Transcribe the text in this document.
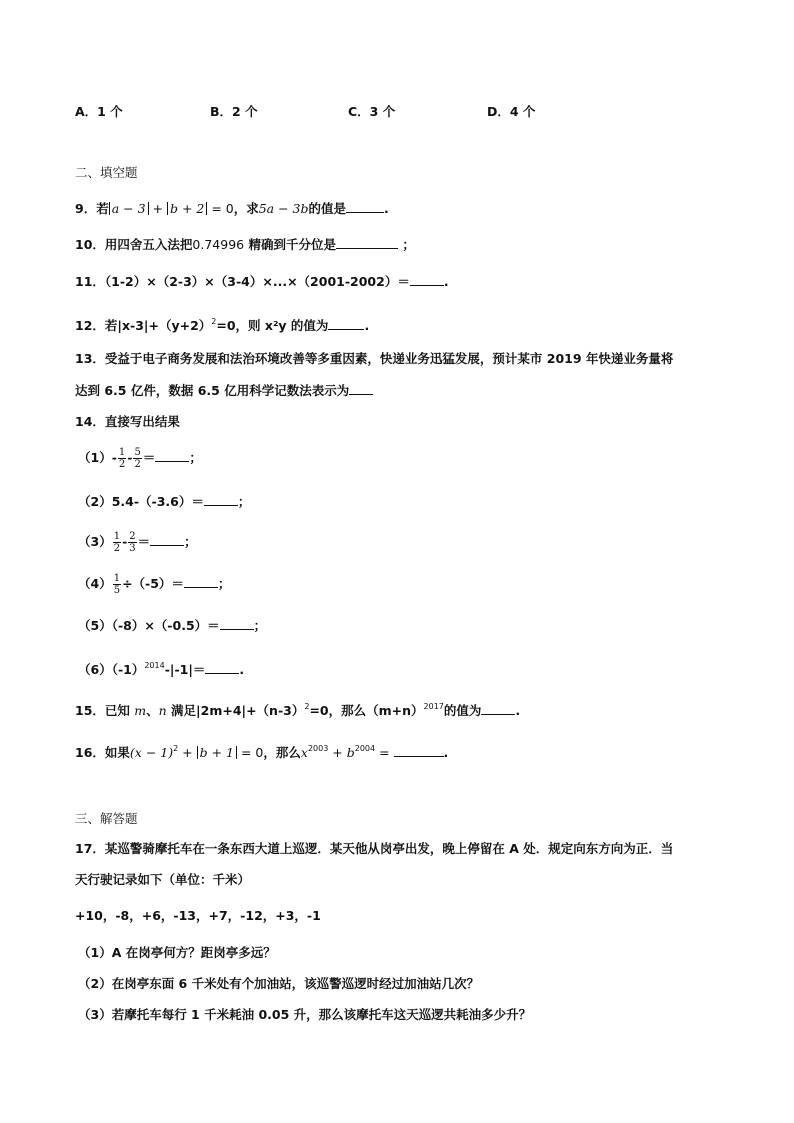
A．1 个	B．2 个	C．3 个	D．4 个
二、填空题
9．若 a − 3 + b + 2 = 0，求5a − 3b的值是	.
10．用四舍五入法把0.74996 精确到千分位是	；
11．（1-2）×（2-3）×（3-4）×...×（2001-2002）＝	.
12．若$|x-3|+(y+2)^2=0$，则 x²y 的值为	.
13．受益于电子商务发展和法治环境改善等多重因素，快递业务迅猛发展，预计某市 2019 年快递业务量将
达到 6.5 亿件，数据 6.5 亿用科学记数法表示为
14．直接写出结果
$(1)- \frac{1}{2} - \frac{5}{2}$ ＝	；
（2）5.4-（-3.6）＝	；
$(3) \frac{1}{2} - \frac{2}{3}$ ＝	；
$(4) \frac{1}{5} \div(-5)=$	；
（5）（-8）×（-0.5）＝	；
$(6)(-1)^{2014}-|-1|=$	.
15．已知 m、n 满足$|2m+4|+(n-3)^2=0$，那么$(m+n)^{2017}$的值为	.
16．如果$(x - 1)^2 + b + 1 = 0$，那么$x^{2003} + b^{2004}$ =	.
三、解答题
17．某巡警骑摩托车在一条东西大道上巡逻．某天他从岗亭出发，晚上停留在 A 处．规定向东方向为正．当
天行驶记录如下（单位：千米）
+10，-8，+6，-13，+7，-12，+3，-1
（1）A 在岗亭何方？距岗亭多远？
（2）在岗亭东面 6 千米处有个加油站，该巡警巡逻时经过加油站几次？
（3）若摩托车每行 1 千米耗油 0.05 升，那么该摩托车这天巡逻共耗油多少升？
